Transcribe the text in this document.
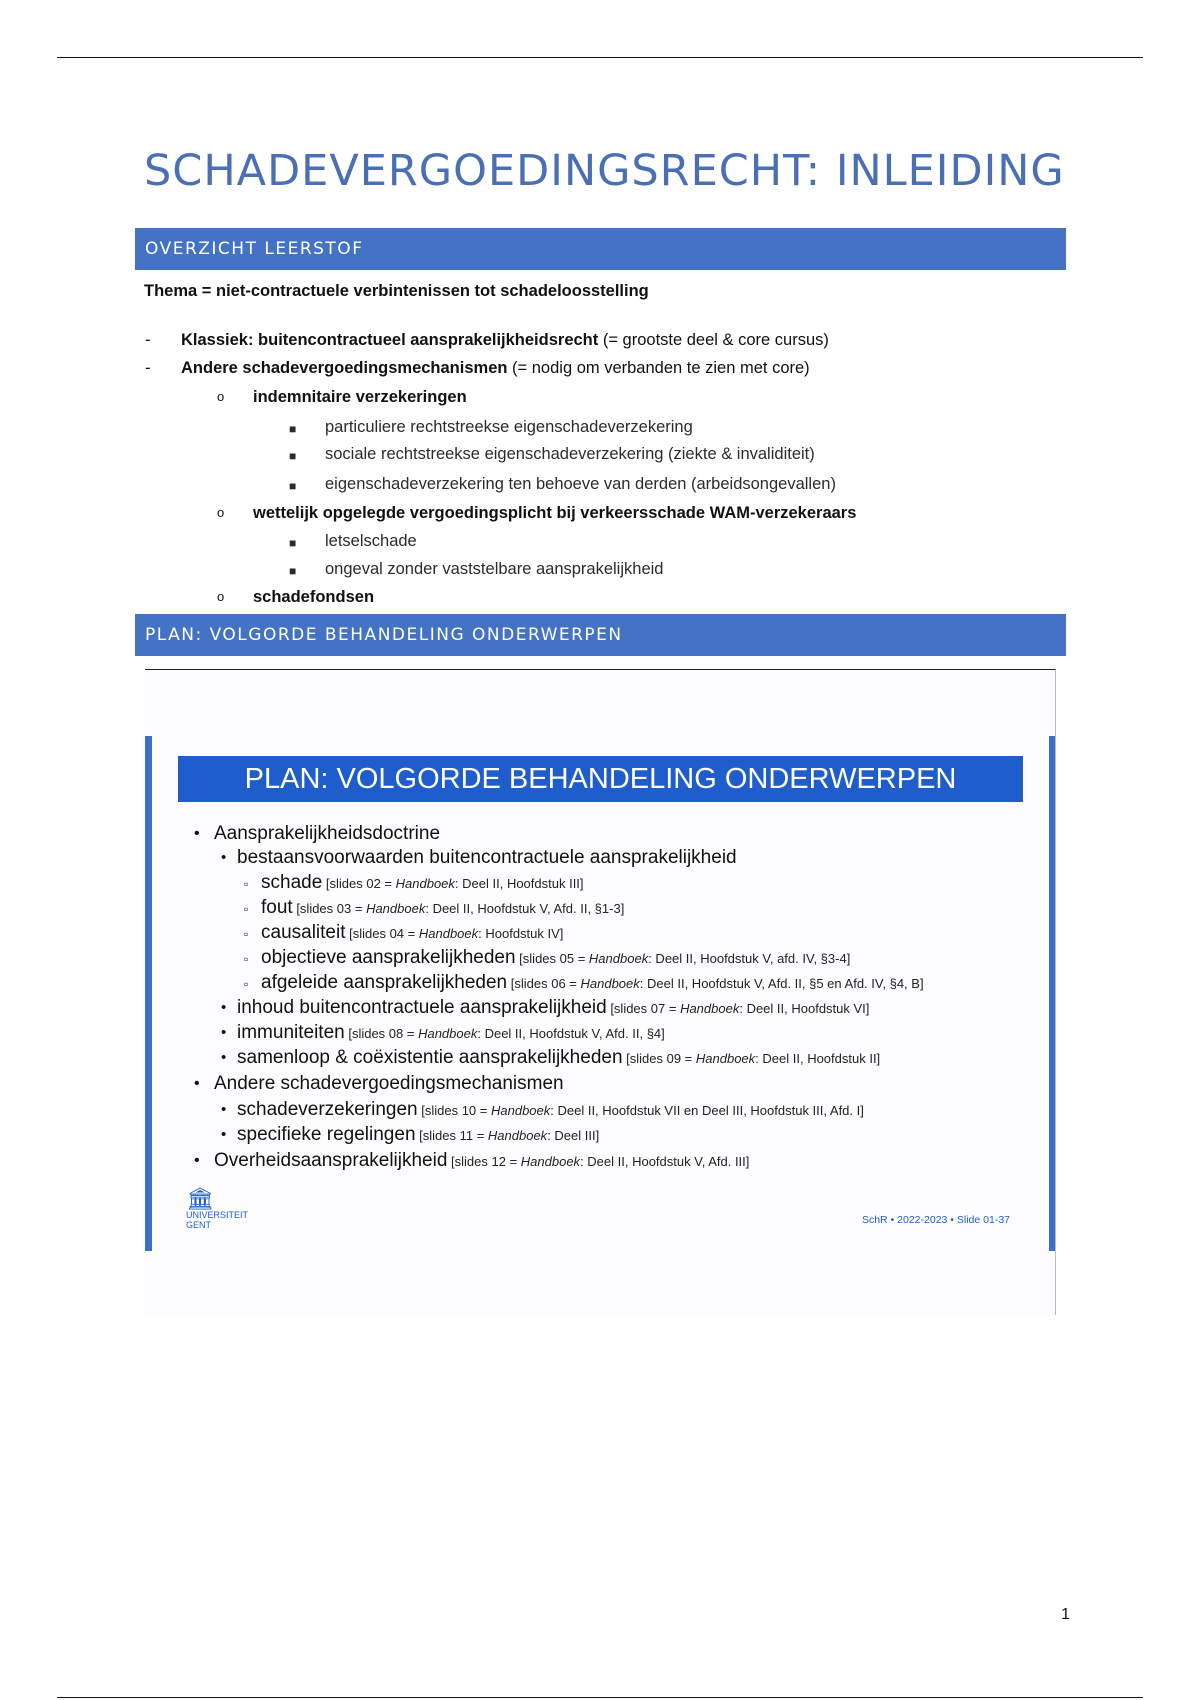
SCHADEVERGOEDINGSRECHT: INLEIDING
OVERZICHT LEERSTOF

Thema = niet-contractuele verbintenissen tot schadeloosstelling

- Klassiek: buitencontractueel aansprakelijkheidsrecht (= grootste deel & core cursus)
- Andere schadevergoedingsmechanismen (= nodig om verbanden te zien met core)
o indemnitaire verzekeringen
■ particuliere rechtstreekse eigenschadeverzekering
■ sociale rechtstreekse eigenschadeverzekering (ziekte & invaliditeit)
■ eigenschadeverzekering ten behoeve van derden (arbeidsongevallen)
o wettelijk opgelegde vergoedingsplicht bij verkeersschade WAM-verzekeraars
■ letselschade
■ ongeval zonder vaststelbare aansprakelijkheid
o schadefondsen
PLAN: VOLGORDE BEHANDELING ONDERWERPEN
PLAN: VOLGORDE BEHANDELING ONDERWERPEN
• Aansprakelijkheidsdoctrine
• bestaansvoorwaarden buitencontractuele aansprakelijkheid
▫ schade [slides 02 = Handboek: Deel II, Hoofdstuk III]
▫ fout [slides 03 = Handboek: Deel II, Hoofdstuk V, Afd. II, §1-3]
▫ causaliteit [slides 04 = Handboek: Hoofdstuk IV]
▫ objectieve aansprakelijkheden [slides 05 = Handboek: Deel II, Hoofdstuk V, afd. IV, §3-4]
▫ afgeleide aansprakelijkheden [slides 06 = Handboek: Deel II, Hoofdstuk V, Afd. II, §5 en Afd. IV, §4, B]
• inhoud buitencontractuele aansprakelijkheid [slides 07 = Handboek: Deel II, Hoofdstuk VI]
• immuniteiten [slides 08 = Handboek: Deel II, Hoofdstuk V, Afd. II, §4]
• samenloop & coëxistentie aansprakelijkheden [slides 09 = Handboek: Deel II, Hoofdstuk II]
• Andere schadevergoedingsmechanismen
• schadeverzekeringen [slides 10 = Handboek: Deel II, Hoofdstuk VII en Deel III, Hoofdstuk III, Afd. I]
• specifieke regelingen [slides 11 = Handboek: Deel III]
• Overheidsaansprakelijkheid [slides 12 = Handboek: Deel II, Hoofdstuk V, Afd. III]
🏛
UNIVERSITEIT
GENT	SchR • 2022-2023 • Slide 01-37
1
